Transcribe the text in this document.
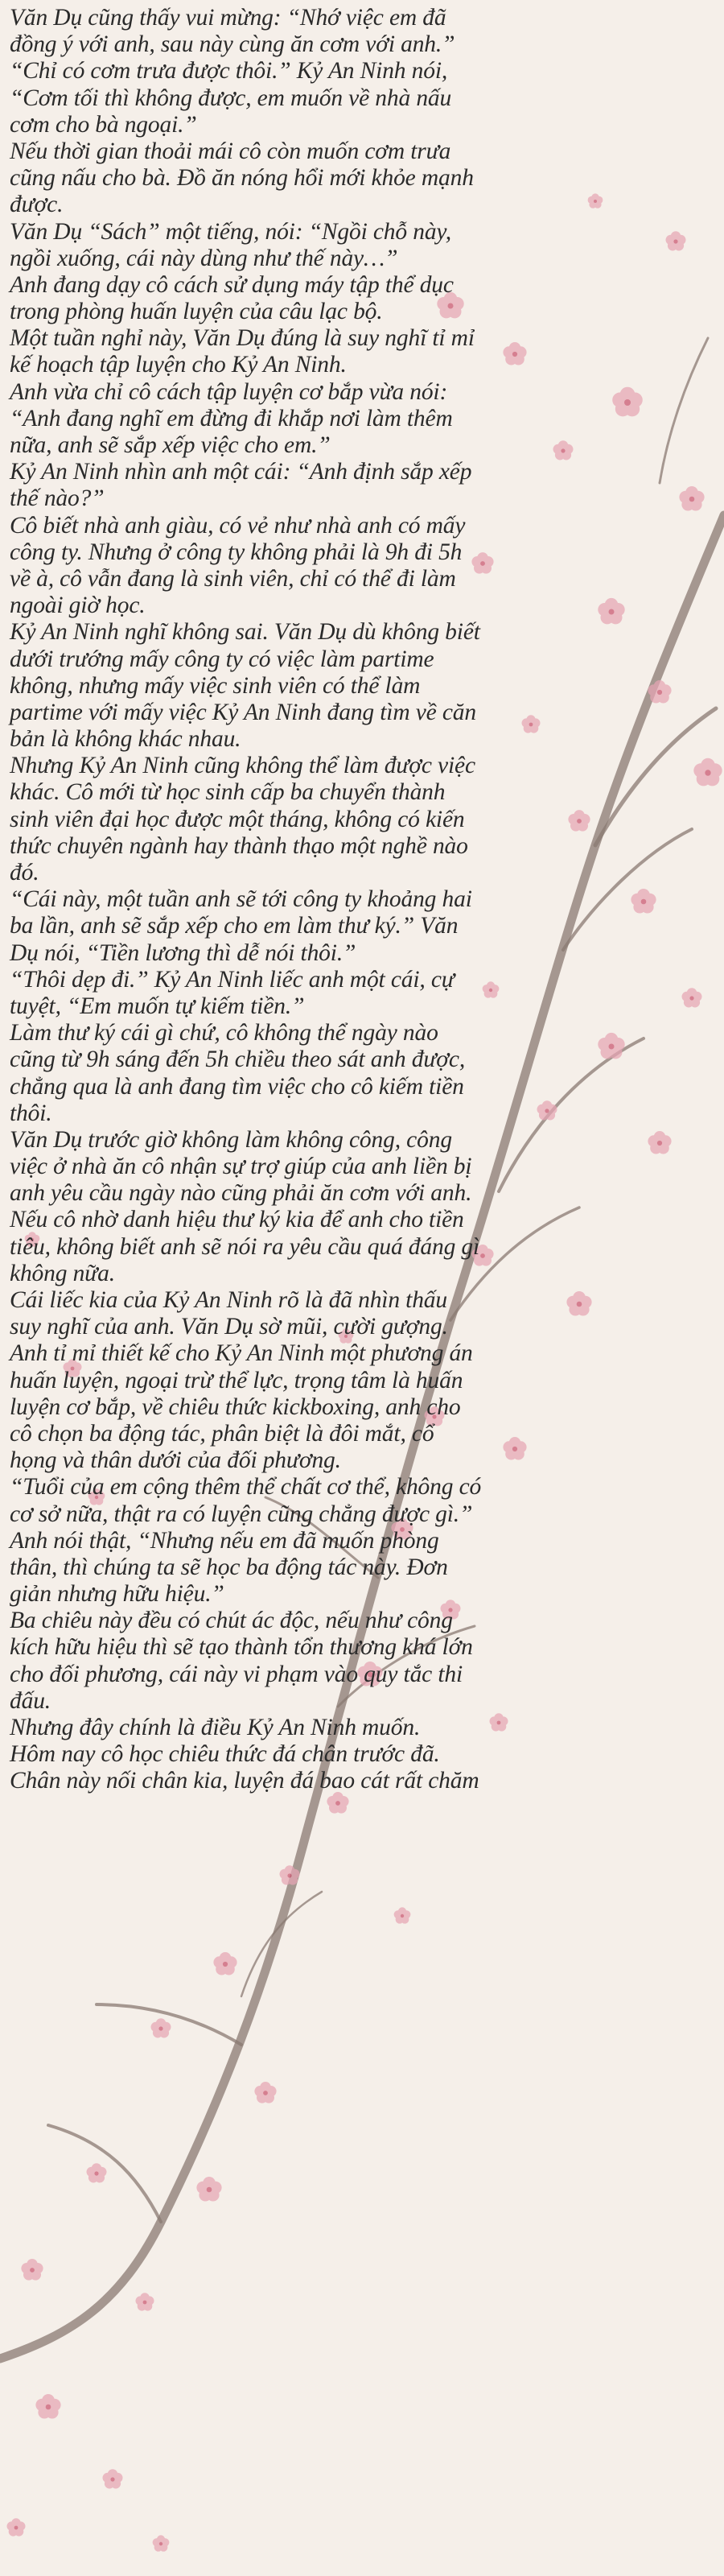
Văn Dụ cũng thấy vui mừng: “Nhớ việc em đã
đồng ý với anh, sau này cùng ăn cơm với anh.”
“Chỉ có cơm trưa được thôi.” Kỷ An Ninh nói,
“Cơm tối thì không được, em muốn về nhà nấu
cơm cho bà ngoại.”
Nếu thời gian thoải mái cô còn muốn cơm trưa
cũng nấu cho bà. Đồ ăn nóng hổi mới khỏe mạnh
được.
Văn Dụ “Sách” một tiếng, nói: “Ngồi chỗ này,
ngồi xuống, cái này dùng như thế này…”
Anh đang dạy cô cách sử dụng máy tập thể dục
trong phòng huấn luyện của câu lạc bộ.
Một tuần nghỉ này, Văn Dụ đúng là suy nghĩ tỉ mỉ
kế hoạch tập luyện cho Kỷ An Ninh.
Anh vừa chỉ cô cách tập luyện cơ bắp vừa nói:
“Anh đang nghĩ em đừng đi khắp nơi làm thêm
nữa, anh sẽ sắp xếp việc cho em.”
Kỷ An Ninh nhìn anh một cái: “Anh định sắp xếp
thế nào?”
Cô biết nhà anh giàu, có vẻ như nhà anh có mấy
công ty. Nhưng ở công ty không phải là 9h đi 5h
về à, cô vẫn đang là sinh viên, chỉ có thể đi làm
ngoài giờ học.
Kỷ An Ninh nghĩ không sai. Văn Dụ dù không biết
dưới trướng mấy công ty có việc làm partime
không, nhưng mấy việc sinh viên có thể làm
partime với mấy việc Kỷ An Ninh đang tìm về căn
bản là không khác nhau.
Nhưng Kỷ An Ninh cũng không thể làm được việc
khác. Cô mới từ học sinh cấp ba chuyển thành
sinh viên đại học được một tháng, không có kiến
thức chuyên ngành hay thành thạo một nghề nào
đó.
“Cái này, một tuần anh sẽ tới công ty khoảng hai
ba lần, anh sẽ sắp xếp cho em làm thư ký.” Văn
Dụ nói, “Tiền lương thì dễ nói thôi.”
“Thôi dẹp đi.” Kỷ An Ninh liếc anh một cái, cự
tuyệt, “Em muốn tự kiếm tiền.”
Làm thư ký cái gì chứ, cô không thể ngày nào
cũng từ 9h sáng đến 5h chiều theo sát anh được,
chẳng qua là anh đang tìm việc cho cô kiếm tiền
thôi.
Văn Dụ trước giờ không làm không công, công
việc ở nhà ăn cô nhận sự trợ giúp của anh liền bị
anh yêu cầu ngày nào cũng phải ăn cơm với anh.
Nếu cô nhờ danh hiệu thư ký kia để anh cho tiền
tiêu, không biết anh sẽ nói ra yêu cầu quá đáng gì
không nữa.
Cái liếc kia của Kỷ An Ninh rõ là đã nhìn thấu
suy nghĩ của anh. Văn Dụ sờ mũi, cười gượng.
Anh tỉ mỉ thiết kế cho Kỷ An Ninh một phương án
huấn luyện, ngoại trừ thể lực, trọng tâm là huấn
luyện cơ bắp, về chiêu thức kickboxing, anh cho
cô chọn ba động tác, phân biệt là đôi mắt, cổ
họng và thân dưới của đối phương.
“Tuổi của em cộng thêm thể chất cơ thể, không có
cơ sở nữa, thật ra có luyện cũng chẳng được gì.”
Anh nói thật, “Nhưng nếu em đã muốn phòng
thân, thì chúng ta sẽ học ba động tác này. Đơn
giản nhưng hữu hiệu.”
Ba chiêu này đều có chút ác độc, nếu như công
kích hữu hiệu thì sẽ tạo thành tổn thương khá lớn
cho đối phương, cái này vi phạm vào quy tắc thi
đấu.
Nhưng đây chính là điều Kỷ An Ninh muốn.
Hôm nay cô học chiêu thức đá chân trước đã.
Chân này nối chân kia, luyện đá bao cát rất chăm
